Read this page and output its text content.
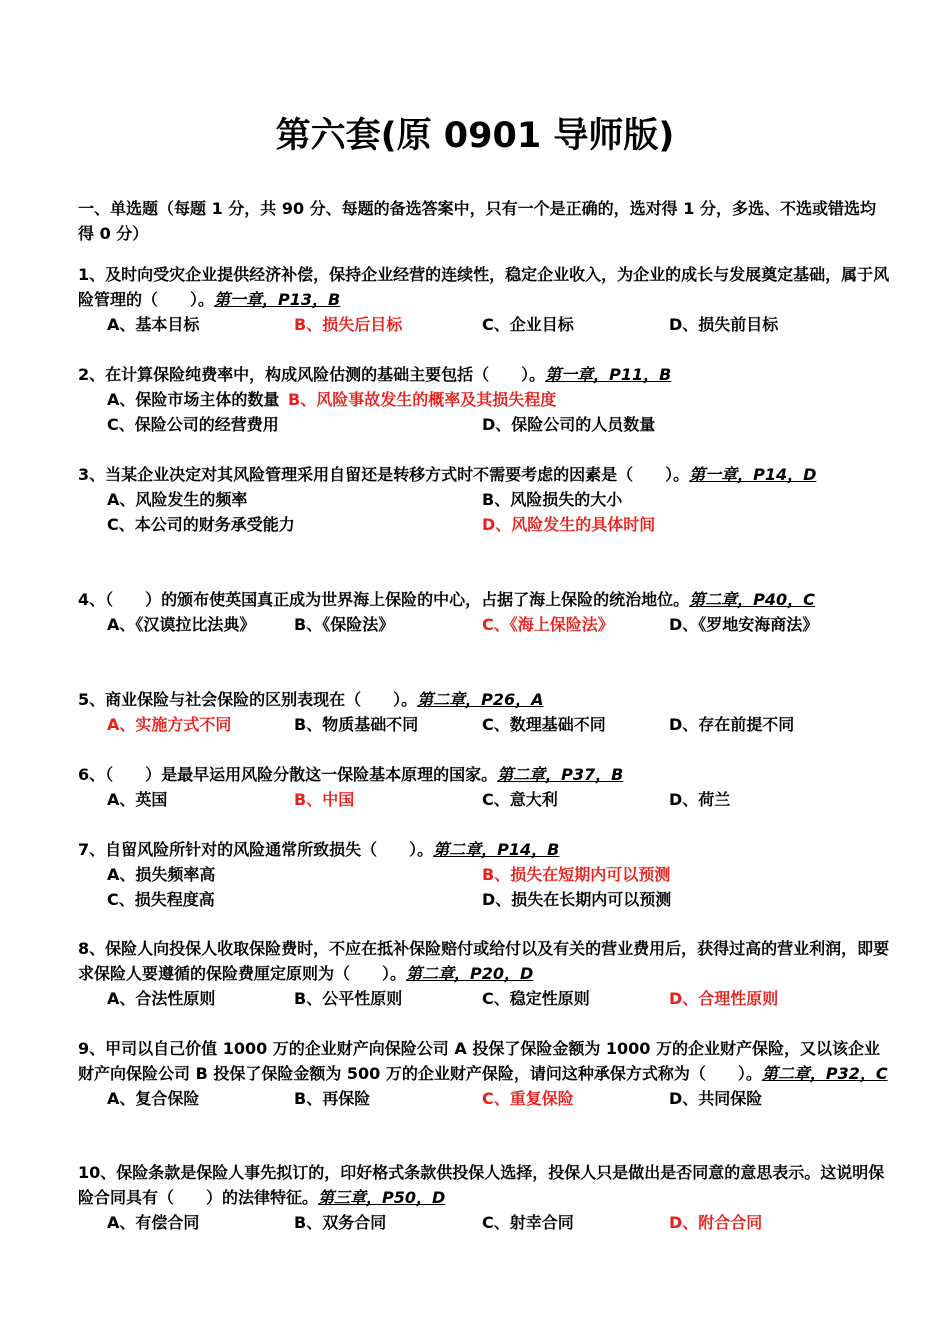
第六套(原 0901 导师版)
一、单选题（每题 1 分，共 90 分、每题的备选答案中，只有一个是正确的，选对得 1 分，多选、不选或错选均得 0 分）
1、及时向受灾企业提供经济补偿，保持企业经营的连续性，稳定企业收入，为企业的成长与发展奠定基础，属于风险管理的（　　）。第一章，P13，B
A、基本目标	B、损失后目标	C、企业目标	D、损失前目标
2、在计算保险纯费率中，构成风险估测的基础主要包括（　　）。第一章，P11，B
A、保险市场主体的数量 B、风险事故发生的概率及其损失程度
C、保险公司的经营费用	D、保险公司的人员数量
3、当某企业决定对其风险管理采用自留还是转移方式时不需要考虑的因素是（　　）。第一章，P14，D
A、风险发生的频率	B、风险损失的大小
C、本公司的财务承受能力	D、风险发生的具体时间
4、（　　）的颁布使英国真正成为世界海上保险的中心，占据了海上保险的统治地位。第二章，P40，C
A、《汉谟拉比法典》 B、《保险法》	C、《海上保险法》	D、《罗地安海商法》
5、商业保险与社会保险的区别表现在（　　）。第二章，P26，A
A、实施方式不同	B、物质基础不同	C、数理基础不同	D、存在前提不同
6、（　　）是最早运用风险分散这一保险基本原理的国家。第二章，P37，B
A、英国	B、中国	C、意大利	D、荷兰
7、自留风险所针对的风险通常所致损失（　　）。第二章，P14，B
A、损失频率高	B、损失在短期内可以预测
C、损失程度高	D、损失在长期内可以预测
8、保险人向投保人收取保险费时，不应在抵补保险赔付或给付以及有关的营业费用后，获得过高的营业利润，即要求保险人要遵循的保险费厘定原则为（　　）。第二章，P20，D
A、合法性原则	B、公平性原则	C、稳定性原则	D、合理性原则
9、甲司以自己价值 1000 万的企业财产向保险公司 A 投保了保险金额为 1000 万的企业财产保险，又以该企业财产向保险公司 B 投保了保险金额为 500 万的企业财产保险，请问这种承保方式称为（　　）。第二章，P32，C
A、复合保险	B、再保险	C、重复保险	D、共同保险
10、保险条款是保险人事先拟订的，印好格式条款供投保人选择，投保人只是做出是否同意的意思表示。这说明保险合同具有（　　）的法律特征。第三章，P50，D
A、有偿合同	B、双务合同	C、射幸合同	D、附合合同
